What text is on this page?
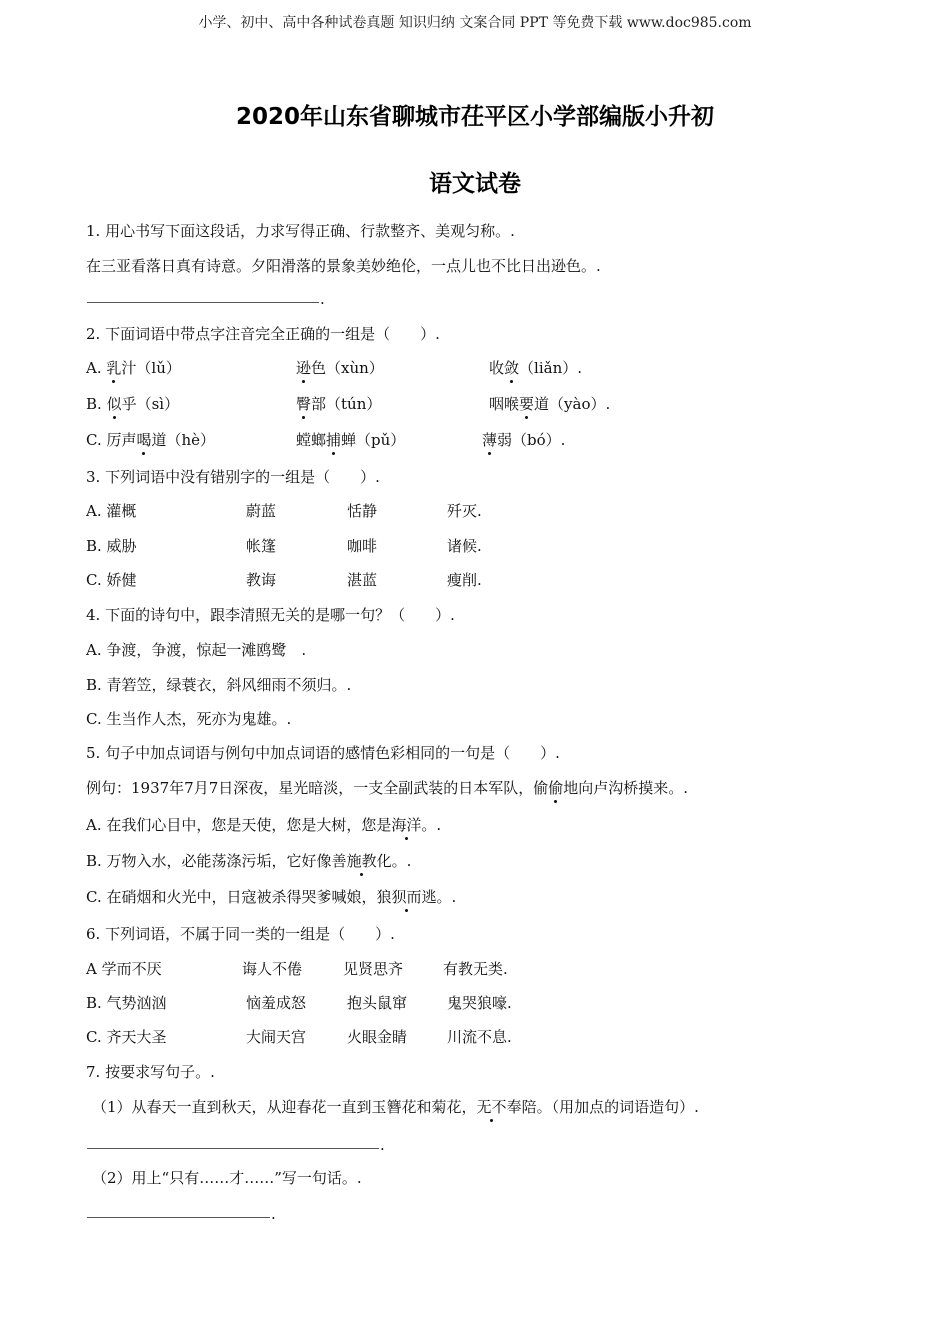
小学、初中、高中各种试卷真题 知识归纳 文案合同 PPT 等免费下载 www.doc985.com
2020年山东省聊城市茌平区小学部编版小升初
语文试卷
1. 用心书写下面这段话，力求写得正确、行款整齐、美观匀称。.
在三亚看落日真有诗意。夕阳滑落的景象美妙绝伦，一点儿也不比日出逊色。.
.
2. 下面词语中带点字注音完全正确的一组是（　　）.
A. 乳汁（lǔ）	逊色（xùn）	收敛（liǎn）.
B. 似乎（sì）	臀部（tún）	咽喉要道（yào）.
C. 厉声喝道（hè）	螳螂捕蝉（pǔ）	薄弱（bó）.
3. 下列词语中没有错别字的一组是（　　）.
A. 灌概	蔚蓝	恬静	歼灭.
B. 威胁	帐篷	咖啡	诸候.
C. 娇健	教诲	湛蓝	瘦削.
4. 下面的诗句中，跟李清照无关的是哪一句？（　　）.
A. 争渡，争渡，惊起一滩鸥鹭　.
B. 青箬笠，绿蓑衣，斜风细雨不须归。.
C. 生当作人杰，死亦为鬼雄。.
5. 句子中加点词语与例句中加点词语的感情色彩相同的一句是（　　）.
例句：1937年7月7日深夜，星光暗淡，一支全副武装的日本军队，偷偷地向卢沟桥摸来。.
A. 在我们心目中，您是天使，您是大树，您是海洋。.
B. 万物入水，必能荡涤污垢，它好像善施教化。.
C. 在硝烟和火光中，日寇被杀得哭爹喊娘，狼狈而逃。.
6. 下列词语，不属于同一类的一组是（　　）.
A 学而不厌	诲人不倦	见贤思齐	有教无类.
B. 气势汹汹	恼羞成怒	抱头鼠窜	鬼哭狼嚎.
C. 齐天大圣	大闹天宫	火眼金睛	川流不息.
7. 按要求写句子。.
（1）从春天一直到秋天，从迎春花一直到玉簪花和菊花，无不奉陪。（用加点的词语造句）.
.
（2）用上“只有……才……”写一句话。.
.
